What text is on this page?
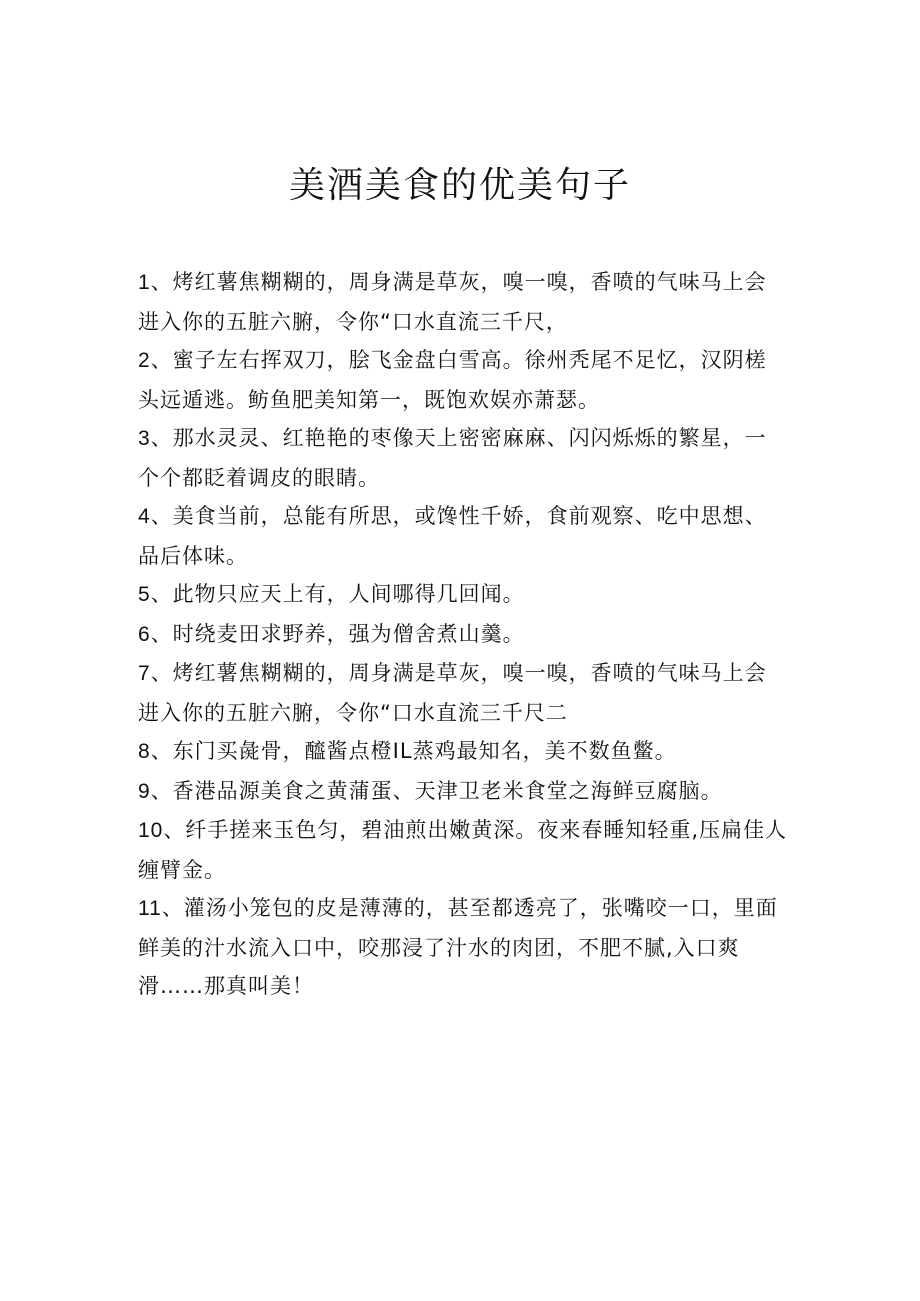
美酒美食的优美句子

1、烤红薯焦糊糊的，周身满是草灰，嗅一嗅，香喷的气味马上会进入你的五脏六腑，令你“口水直流三千尺，

2、蜜子左右挥双刀，脍飞金盘白雪高。徐州秃尾不足忆，汉阴槎头远遁逃。鲂鱼肥美知第一，既饱欢娱亦萧瑟。

3、那水灵灵、红艳艳的枣像天上密密麻麻、闪闪烁烁的繁星，一个个都眨着调皮的眼睛。

4、美食当前，总能有所思，或馋性千娇，食前观察、吃中思想、品后体味。

5、此物只应天上有，人间哪得几回闻。

6、时绕麦田求野养，强为僧舍煮山羹。

7、烤红薯焦糊糊的，周身满是草灰，嗅一嗅，香喷的气味马上会进入你的五脏六腑，令你“口水直流三千尺二

8、东门买彘骨，醯酱点橙IL蒸鸡最知名，美不数鱼鳖。

9、香港品源美食之黄蒲蛋、天津卫老米食堂之海鲜豆腐脑。

10、纤手搓来玉色匀，碧油煎出嫩黄深。夜来春睡知轻重,压扁佳人缠臂金。

11、灌汤小笼包的皮是薄薄的，甚至都透亮了，张嘴咬一口，里面鲜美的汁水流入口中，咬那浸了汁水的肉团，不肥不腻,入口爽滑……那真叫美！
